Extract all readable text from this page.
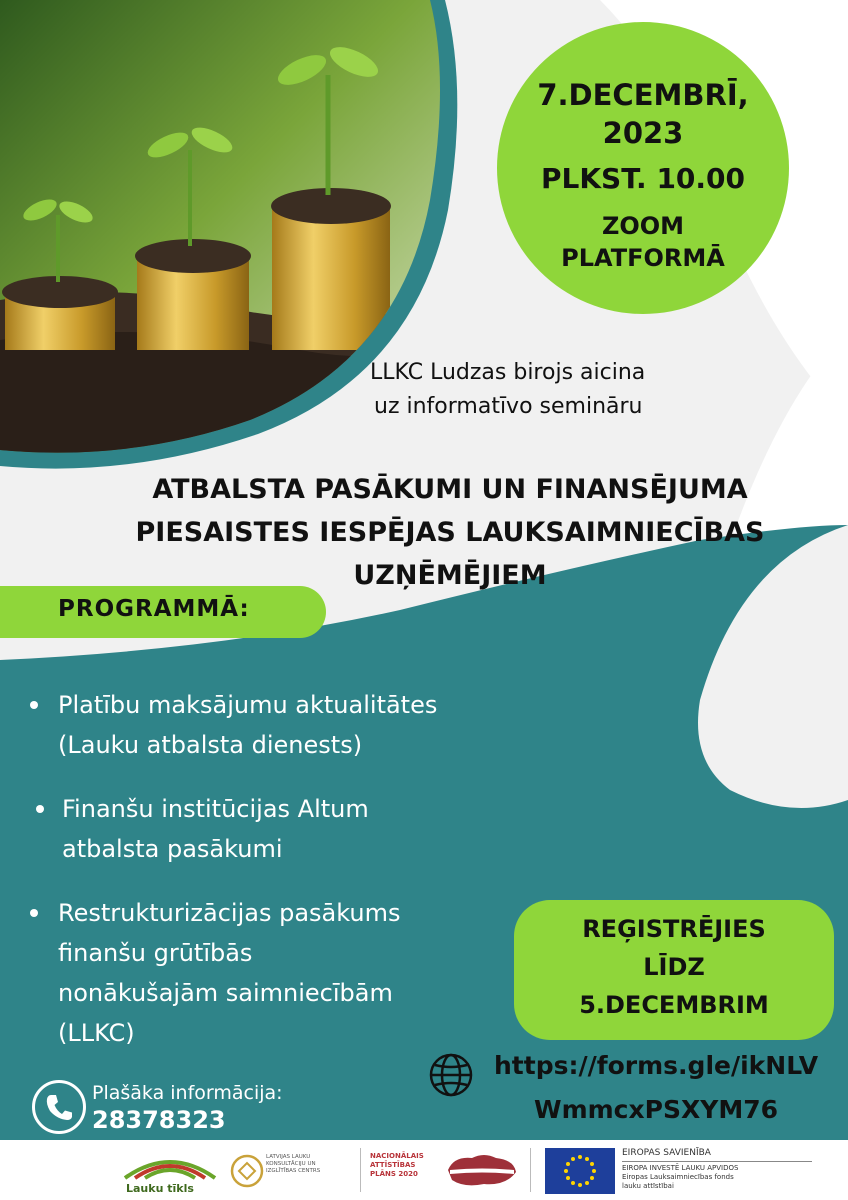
7.DECEMBRĪ,
2023
PLKST. 10.00
ZOOM
PLATFORMĀ
LLKC Ludzas birojs aicina
uz informatīvo semināru
ATBALSTA PASĀKUMI UN FINANSĒJUMA
PIESAISTES IESPĒJAS LAUKSAIMNIECĪBAS
UZŅĒMĒJIEM
PROGRAMMĀ:
Platību maksājumu aktualitātes
(Lauku atbalsta dienests)
Finanšu institūcijas Altum
atbalsta pasākumi
Restrukturizācijas pasākums
finanšu grūtībās
nonākušajām saimniecībām
(LLKC)
REĢISTRĒJIES
LĪDZ
5.DECEMBRIM
https://forms.gle/ikNLV
WmmcxPSXYM76
Plašāka informācija:
28378323
Lauku tīkls
LATVIJAS LAUKU
KONSULTĀCIJU UN
IZGLĪTĪBAS CENTRS
NACIONĀLAIS
ATTĪSTĪBAS
PLĀNS 2020
EIROPAS SAVIENĪBA
EIROPA INVESTĒ LAUKU APVIDOS
Eiropas Lauksaimniecības fonds
lauku attīstībai
